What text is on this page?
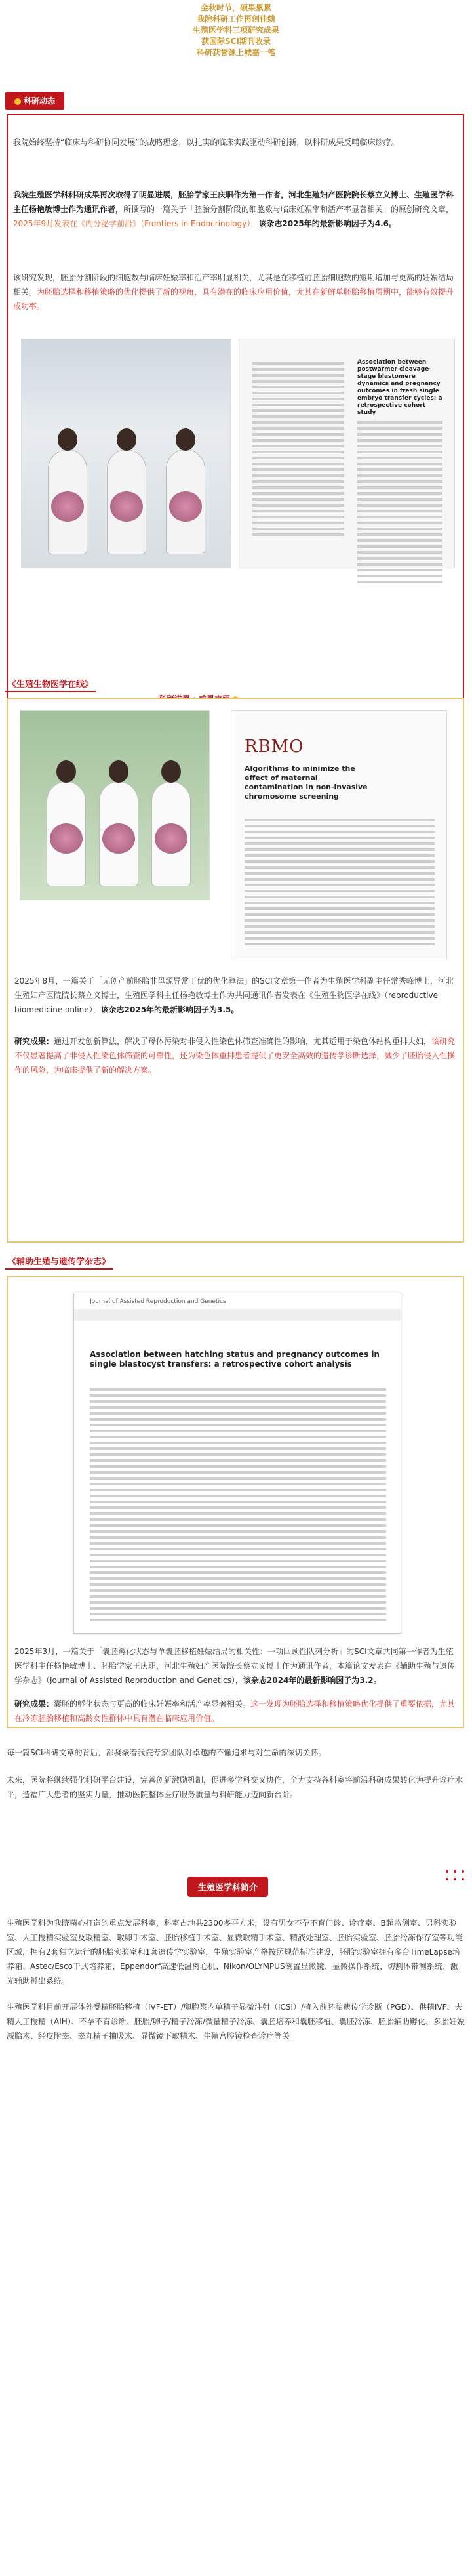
金秋时节，硕果累累

我院科研工作再创佳绩

生殖医学科三项研究成果

获国际SCI期刊收录

科研获誉源上城嘉一笔

科研动态

我院始终坚持“临床与科研协同发展”的战略理念，以扎实的临床实践驱动科研创新，以科研成果反哺临床诊疗。

我院生殖医学科科研成果再次取得了明显进展，胚胎学家王庆职作为第一作者，河北生殖妇产医院院长蔡立义博士、生殖医学科主任杨艳敏博士作为通讯作者，所撰写的一篇关于「胚胎分割阶段的细胞数与临床妊娠率和活产率显著相关」的原创研究文章，2025年9月发表在《内分泌学前沿》（Frontiers in Endocrinology），该杂志2025年的最新影响因子为4.6。

该研究发现，胚胎分割阶段的细胞数与临床妊娠率和活产率明显相关，尤其是在移植前胚胎细胞数的短期增加与更高的妊娠结局相关。为胚胎选择和移植策略的优化提供了新的视角，具有潜在的临床应用价值，尤其在新鲜单胚胎移植周期中，能够有效提升成功率。

Association between postwarmer cleavage-stage blastomere dynamics and pregnancy outcomes in fresh single embryo transfer cycles: a retrospective cohort study
《生殖生物医学在线》
RBMO
Algorithms to minimize the effect of maternal contamination in non-invasive chromosome screening

2025年8月，一篇关于「无创产前胚胎非母源异常于优的优化算法」的SCI文章第一作者为生殖医学科副主任常秀峰博士，河北生殖妇产医院院长蔡立义博士，生殖医学科主任杨艳敏博士作为共同通讯作者发表在《生殖生物医学在线》（reproductive biomedicine online），该杂志2025年的最新影响因子为3.5。

研究成果：通过开发创新算法，解决了母体污染对非侵入性染色体筛查准确性的影响，尤其适用于染色体结构重排夫妇，该研究不仅显著提高了非侵入性染色体筛查的可靠性，还为染色体重排患者提供了更安全高效的遗传学诊断选择，减少了胚胎侵入性操作的风险，为临床提供了新的解决方案。

《辅助生殖与遗传学杂志》
Journal of Assisted Reproduction and Genetics
Association between hatching status and pregnancy outcomes in single blastocyst transfers: a retrospective cohort analysis

2025年3月，一篇关于「囊胚孵化状态与单囊胚移植妊娠结局的相关性：一项回顾性队列分析」的SCI文章共同第一作者为生殖医学科主任杨艳敏博士、胚胎学家王庆职，河北生殖妇产医院院长蔡立义博士作为通讯作者，本篇论文发表在《辅助生殖与遗传学杂志》（Journal of Assisted Reproduction and Genetics），该杂志2024年的最新影响因子为3.2。

研究成果：囊胚的孵化状态与更高的临床妊娠率和活产率显著相关。这一发现为胚胎选择和移植策略优化提供了重要依据，尤其在冷冻胚胎移植和高龄女性群体中具有潜在临床应用价值。

每一篇SCI科研文章的背后，都凝聚着我院专家团队对卓越的不懈追求与对生命的深切关怀。

未来，医院将继续强化科研平台建设，完善创新激励机制，促进多学科交叉协作，全力支持各科室将前沿科研成果转化为提升诊疗水平，造福广大患者的坚实力量，推动医院整体医疗服务质量与科研能力迈向新台阶。

生殖医学科简介

生殖医学科为我院精心打造的重点发展科室，科室占地共2300多平方米，设有男女不孕不育门诊、诊疗室、B超监测室、男科实验室、人工授精实验室及取精室、取卵手术室、胚胎移植手术室、显微取精手术室、精液处理室、胚胎实验室、胚胎冷冻保存室等功能区域，拥有2套独立运行的胚胎实验室和1套遗传学实验室，生殖实验室产格按照规范标准建设，胚胎实验室拥有多台TimeLapse培养箱、Astec/Esco干式培养箱、Eppendorf高速低温离心机、Nikon/OLYMPUS倒置显微镜、显微操作系统、切割体带测系统、激光辅助孵出系统。

生殖医学科目前开展体外受精胚胎移植（IVF-ET）/卵胞浆内单精子显微注射（ICSI）/植入前胚胎遗传学诊断（PGD）、供精IVF、夫精人工授精（AIH）、不孕不育诊断、胚胎/卵子/精子冷冻/微量精子冷冻、囊胚培养和囊胚移植、囊胚冷冻、胚胎辅助孵化、多胎妊娠减胎术、经皮附睾、睾丸精子抽吸术、显微镜下取精术、生殖宫腔镜检查诊疗等关
